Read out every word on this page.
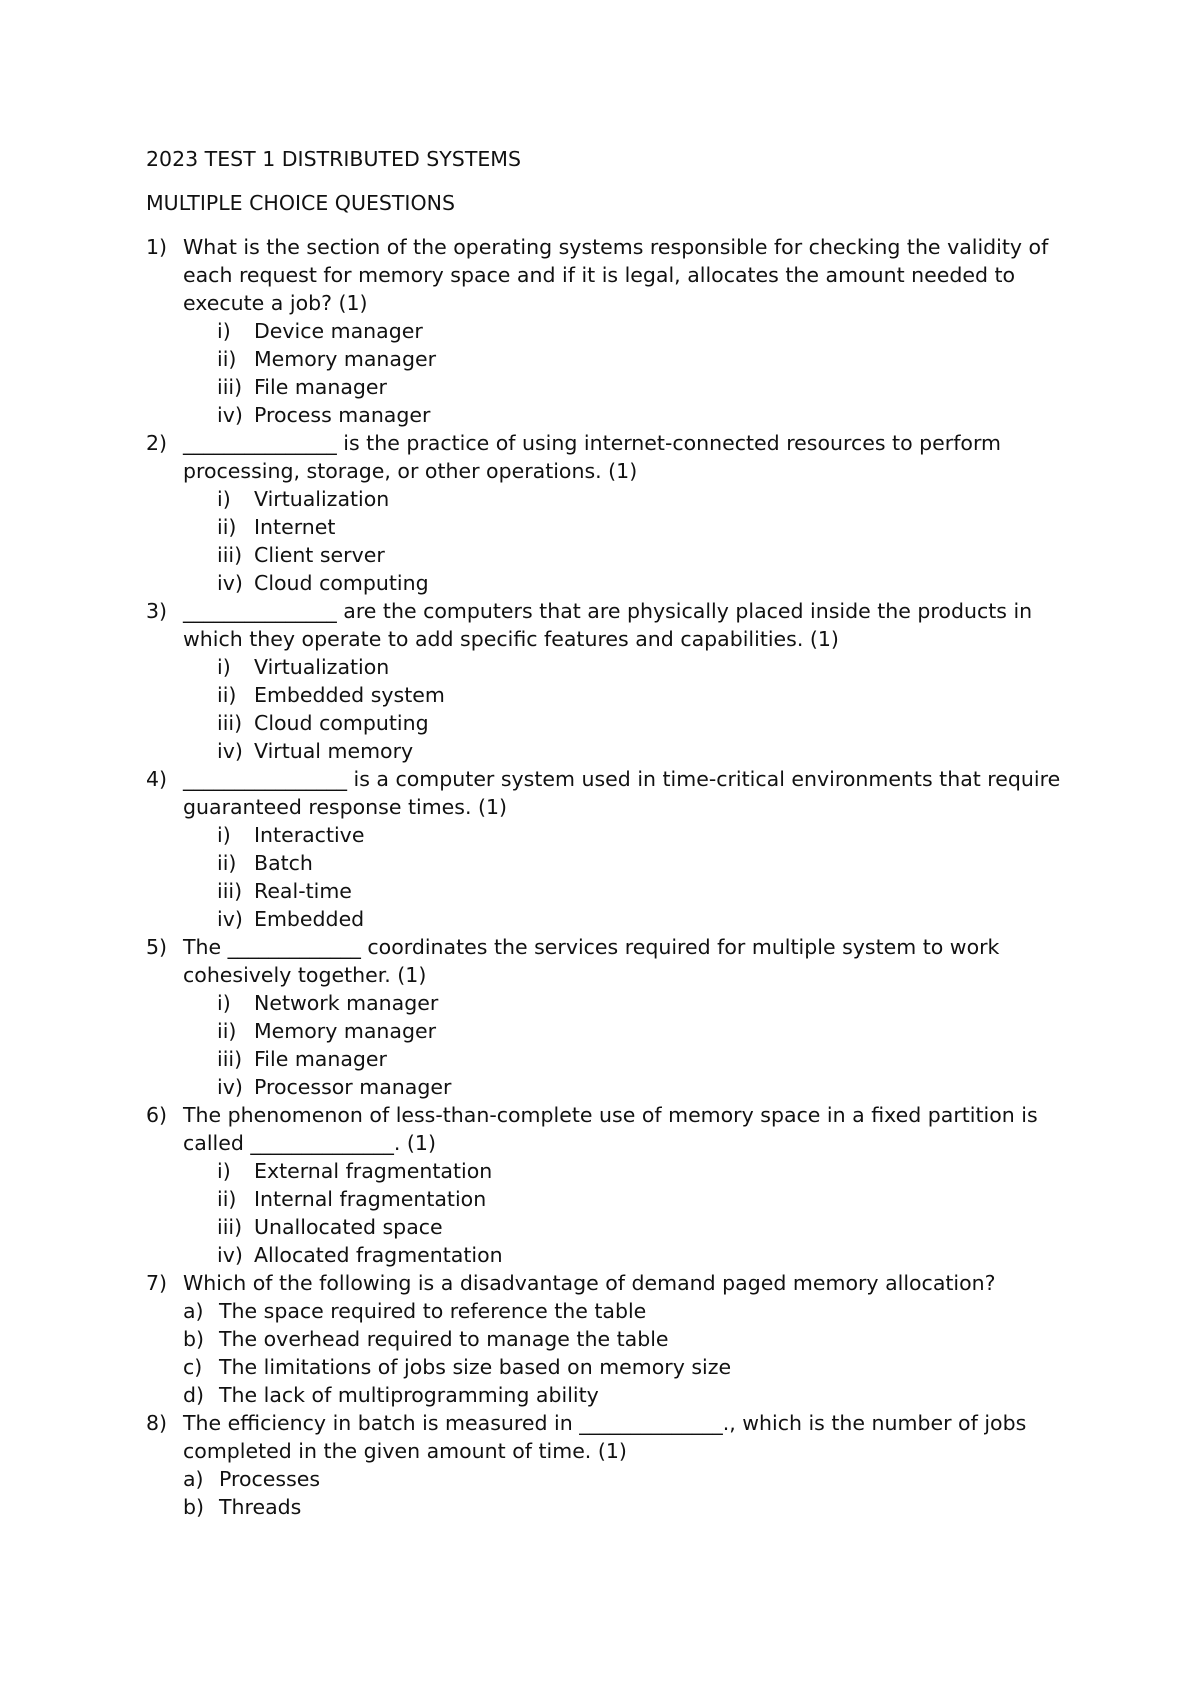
2023 TEST 1 DISTRIBUTED SYSTEMS
MULTIPLE CHOICE QUESTIONS
1) What is the section of the operating systems responsible for checking the validity of each request for memory space and if it is legal, allocates the amount needed to execute a job? (1)

i)	Device manager
ii) Memory manager
iii) File manager
iv) Process manager
2) _______________ is the practice of using internet-connected resources to perform processing, storage, or other operations. (1)

i)	Virtualization
ii) Internet
iii) Client server
iv) Cloud computing
3) _______________ are the computers that are physically placed inside the products in which they operate to add specific features and capabilities. (1)

i)	Virtualization
ii) Embedded system
iii) Cloud computing
iv) Virtual memory
4) ________________ is a computer system used in time-critical environments that require guaranteed response times. (1)

i)	Interactive
ii) Batch
iii) Real-time
iv) Embedded
5) The _____________ coordinates the services required for multiple system to work cohesively together. (1)

i)	Network manager
ii) Memory manager
iii) File manager
iv) Processor manager
6) The phenomenon of less-than-complete use of memory space in a fixed partition is called ______________. (1)

i)	External fragmentation
ii) Internal fragmentation
iii) Unallocated space
iv) Allocated fragmentation
7) Which of the following is a disadvantage of demand paged memory allocation?

a) The space required to reference the table
b) The overhead required to manage the table
c) The limitations of jobs size based on memory size
d) The lack of multiprogramming ability
8) The efficiency in batch is measured in ______________., which is the number of jobs completed in the given amount of time. (1)

a) Processes
b) Threads
